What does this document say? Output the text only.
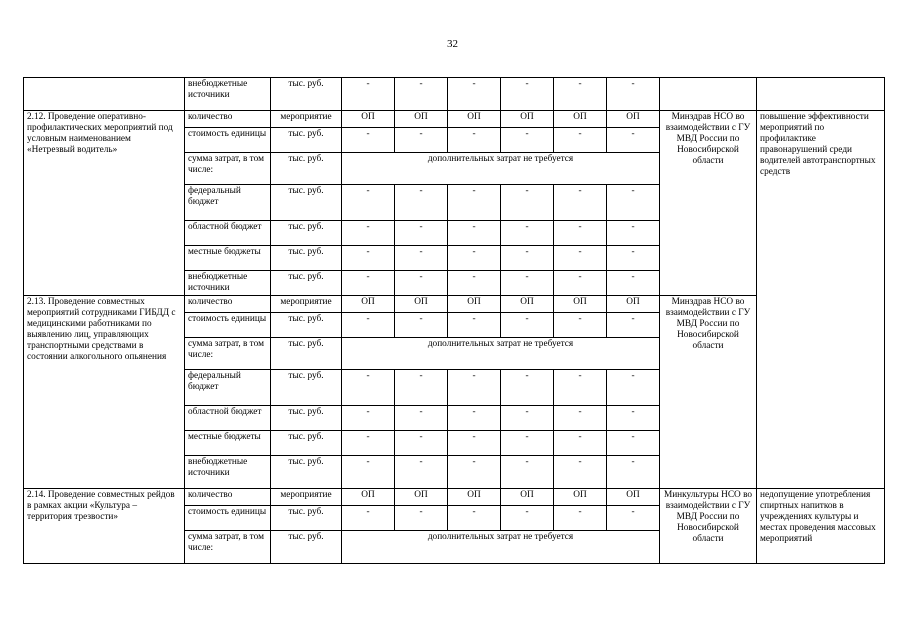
32
	внебюджетные источники	тыс. руб.	-	-	-	-	-	-		
2.12. Проведение оперативно-профилактических мероприятий под условным наименованием «Нетрезвый водитель»	количество	мероприятие	ОП	ОП	ОП	ОП	ОП	ОП	Минздрав НСО во взаимодействии с ГУ МВД России по Новосибирской области	повышение эффективности мероприятий по профилактике правонарушений среди водителей автотранспортных средств
	стоимость единицы	тыс. руб.	-	-	-	-	-	-		
	сумма затрат, в том числе:	тыс. руб.	дополнительных затрат не требуется							
	федеральный бюджет	тыс. руб.	-	-	-	-	-	-		
	областной бюджет	тыс. руб.	-	-	-	-	-	-		
	местные бюджеты	тыс. руб.	-	-	-	-	-	-		
	внебюджетные источники	тыс. руб.	-	-	-	-	-	-		
2.13. Проведение совместных мероприятий сотрудниками ГИБДД с медицинскими работниками по выявлению лиц, управляющих транспортными средствами в состоянии алкогольного опьянения	количество	мероприятие	ОП	ОП	ОП	ОП	ОП	ОП	Минздрав НСО во взаимодействии с ГУ МВД России по Новосибирской области	
	стоимость единицы	тыс. руб.	-	-	-	-	-	-		
	сумма затрат, в том числе:	тыс. руб.	дополнительных затрат не требуется							
	федеральный бюджет	тыс. руб.	-	-	-	-	-	-		
	областной бюджет	тыс. руб.	-	-	-	-	-	-		
	местные бюджеты	тыс. руб.	-	-	-	-	-	-		
	внебюджетные источники	тыс. руб.	-	-	-	-	-	-		
2.14. Проведение совместных рейдов в рамках акции «Культура – территория трезвости»	количество	мероприятие	ОП	ОП	ОП	ОП	ОП	ОП	Минкультуры НСО во взаимодействии с ГУ МВД России по Новосибирской области	недопущение употребления спиртных напитков в учреждениях культуры и местах проведения массовых мероприятий
	стоимость единицы	тыс. руб.	-	-	-	-	-	-		
	сумма затрат, в том числе:	тыс. руб.	дополнительных затрат не требуется							
